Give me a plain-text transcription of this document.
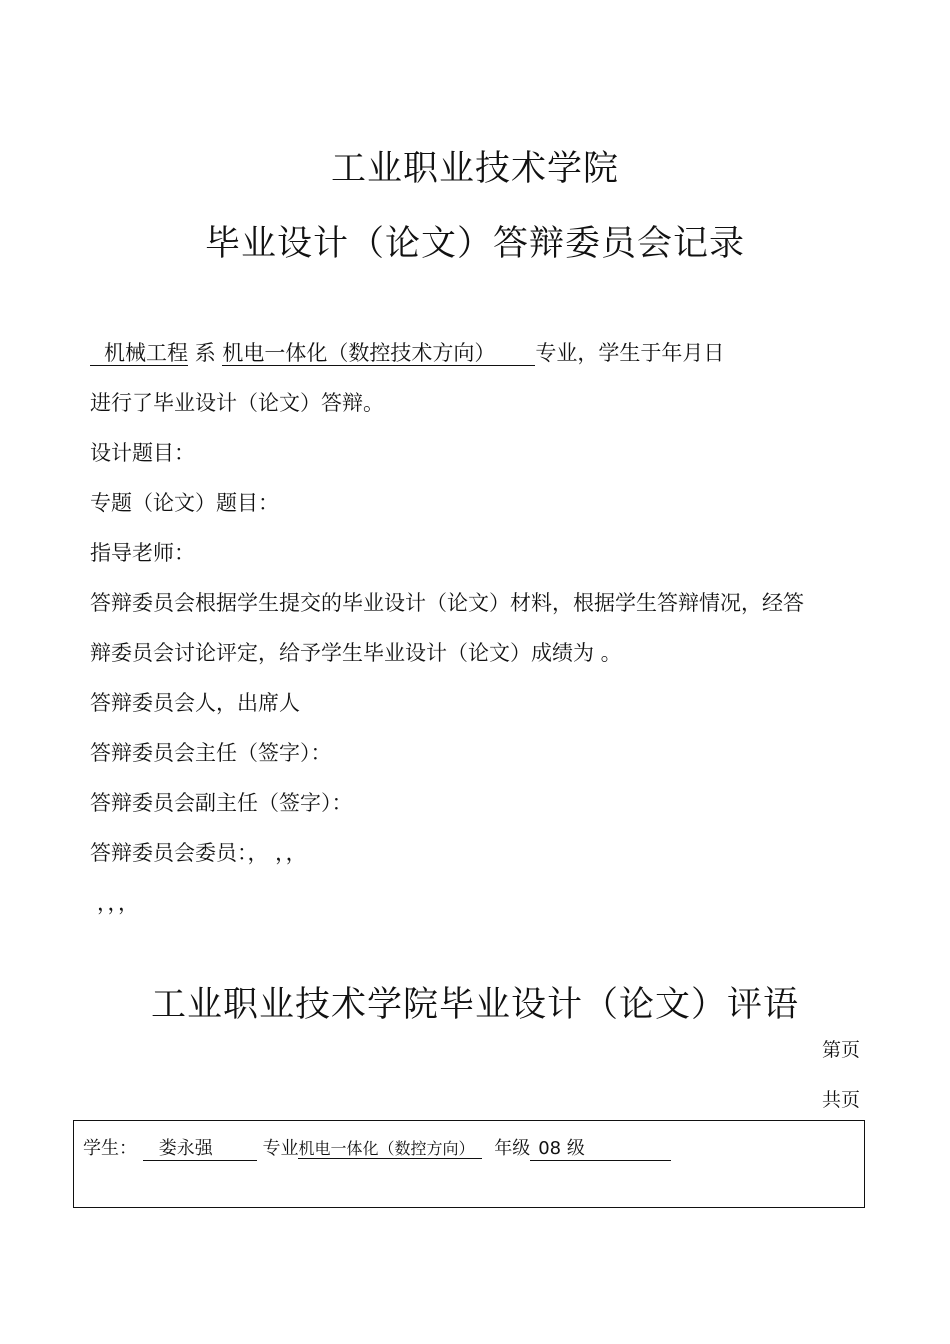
工业职业技术学院
毕业设计（论文）答辩委员会记录
机械工程 系 机电一体化（数控技术方向） 专业，学生于年月日
进行了毕业设计（论文）答辩。
设计题目：
专题（论文）题目：
指导老师：
答辩委员会根据学生提交的毕业设计（论文）材料，根据学生答辩情况，经答
辩委员会讨论评定，给予学生毕业设计（论文）成绩为 。
答辩委员会人，出席人
答辩委员会主任（签字）：
答辩委员会副主任（签字）：
答辩委员会委员：， ，，
，，，
工业职业技术学院毕业设计（论文）评语
第页
共页
学生： 娄永强	专业机电一体化（数控方向） 年级 08 级
